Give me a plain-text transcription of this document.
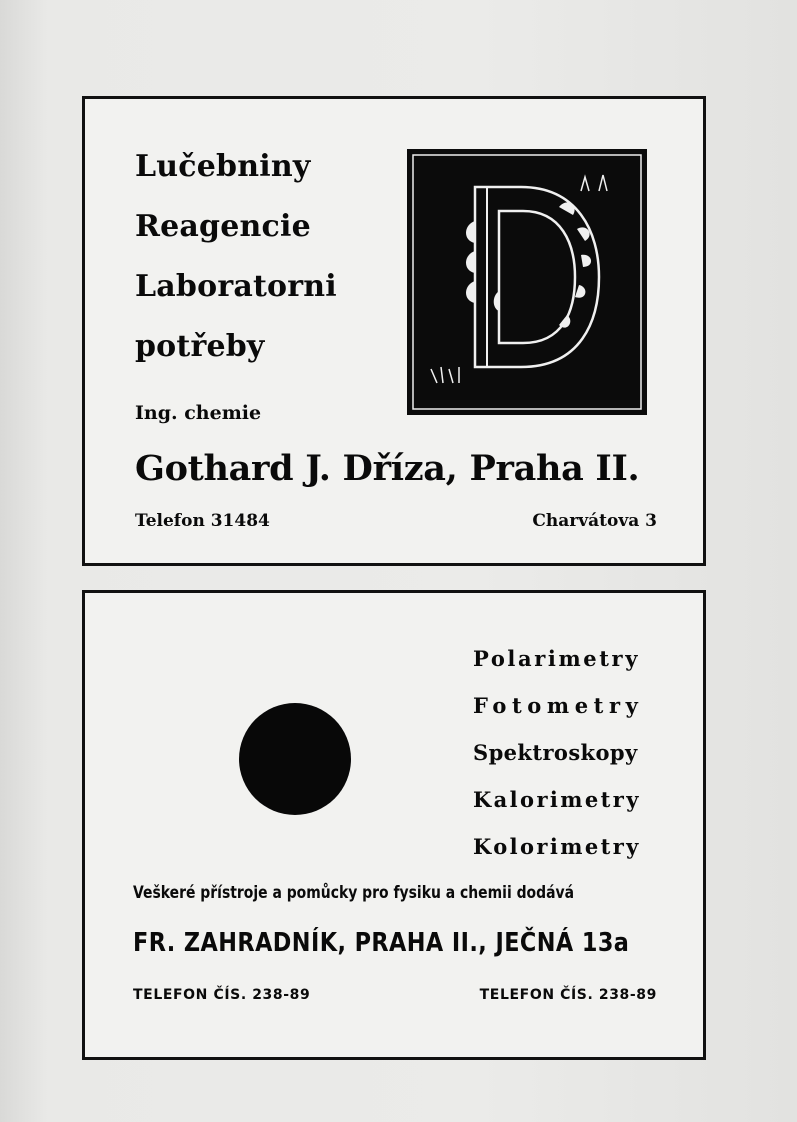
Lučebniny

Reagencie

Laboratorni

potřeby

Ing. chemie

Gothard J. Dříza, Praha II.

Telefon 31484	Charvátova 3

Polarimetry

Fotometry

Spektroskopy

Kalorimetry

Kolorimetry

Veškeré přístroje a pomůcky pro fysiku a chemii dodává

FR. ZAHRADNÍK, PRAHA II., JEČNÁ 13a

TELEFON ČÍS. 238-89	TELEFON ČÍS. 238-89
